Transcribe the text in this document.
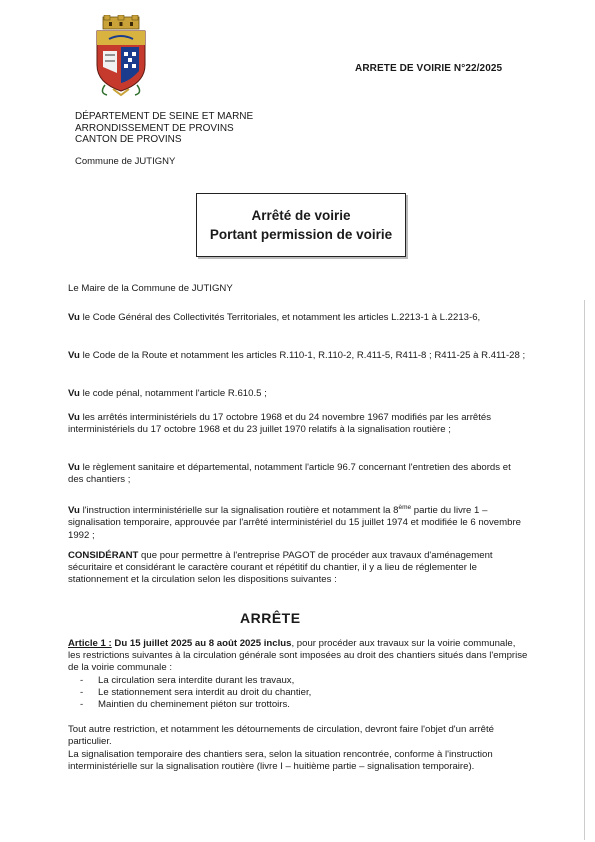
ARRETE DE VOIRIE N°22/2025
DÉPARTEMENT DE SEINE ET MARNE
ARRONDISSEMENT DE PROVINS
CANTON DE PROVINS
Commune de JUTIGNY
Arrêté de voirie
Portant permission de voirie
Le Maire de la Commune de JUTIGNY
Vu le Code Général des Collectivités Territoriales, et notamment les articles L.2213-1 à L.2213-6,
Vu le Code de la Route et notamment les articles R.110-1, R.110-2, R.411-5, R411-8 ; R411-25 à R.411-28 ;
Vu le code pénal, notamment l'article R.610.5 ;
Vu les arrêtés interministériels du 17 octobre 1968 et du 24 novembre 1967 modifiés par les arrêtés interministériels du 17 octobre 1968 et du 23 juillet 1970 relatifs à la signalisation routière ;
Vu le règlement sanitaire et départemental, notamment l'article 96.7 concernant l'entretien des abords et des chantiers ;
Vu l'instruction interministérielle sur la signalisation routière et notamment la 8ème partie du livre 1 – signalisation temporaire, approuvée par l'arrêté interministériel du 15 juillet 1974 et modifiée le 6 novembre 1992 ;
CONSIDÉRANT que pour permettre à l'entreprise PAGOT de procéder aux travaux d'aménagement sécuritaire et considérant le caractère courant et répétitif du chantier, il y a lieu de réglementer le stationnement et la circulation selon les dispositions suivantes :
ARRÊTE
Article 1 : Du 15 juillet 2025 au 8 août 2025 inclus, pour procéder aux travaux sur la voirie communale, les restrictions suivantes à la circulation générale sont imposées au droit des chantiers situés dans l'emprise de la voirie communale :
- La circulation sera interdite durant les travaux,
- Le stationnement sera interdit au droit du chantier,
- Maintien du cheminement piéton sur trottoirs.
Tout autre restriction, et notamment les détournements de circulation, devront faire l'objet d'un arrêté particulier.
La signalisation temporaire des chantiers sera, selon la situation rencontrée, conforme à l'instruction interministérielle sur la signalisation routière (livre I – huitième partie – signalisation temporaire).
